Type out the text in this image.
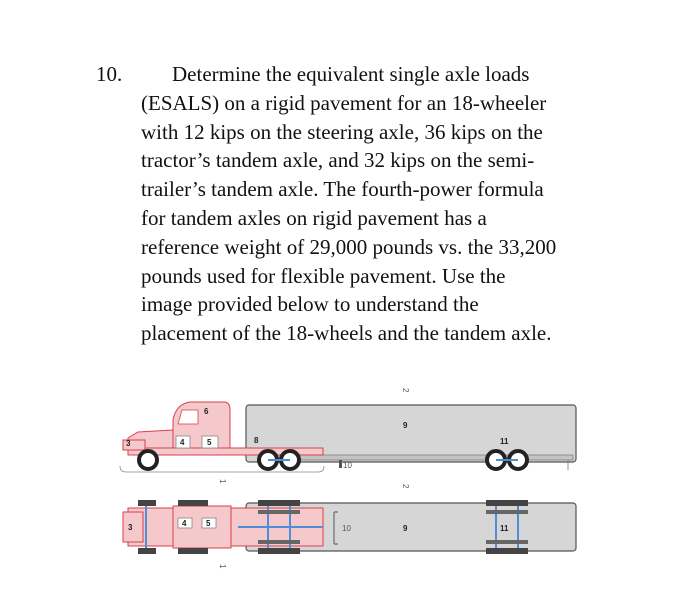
10.	Determine the equivalent single axle loads
(ESALS) on a rigid pavement for an 18-wheeler
with 12 kips on the steering axle, 36 kips on the
tractor’s tandem axle, and 32 kips on the semi-
trailer’s tandem axle. The fourth-power formula
for tandem axles on rigid pavement has a
reference weight of 29,000 pounds vs. the 33,200
pounds used for flexible pavement. Use the
image provided below to understand the
placement of the 18-wheels and the tandem axle.

3	4	5
6
8
9
10
11
2
1
3	4 5
10	9	11
2
1
